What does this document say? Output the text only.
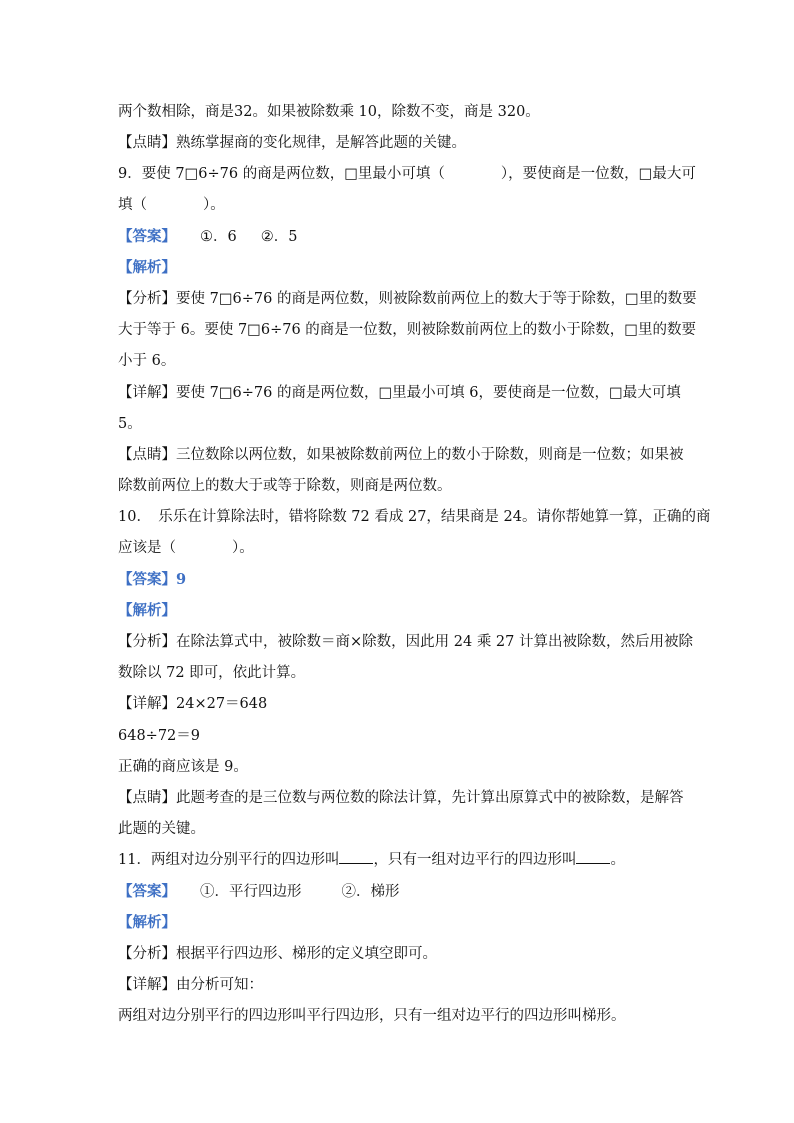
两个数相除，商是32。如果被除数乘 10，除数不变，商是 320。
【点睛】熟练掌握商的变化规律，是解答此题的关键。
9．要使 7□6÷76 的商是两位数，□里最小可填（	），要使商是一位数，□最大可
填（	）。
【答案】 ①．6 ②．5
【解析】
【分析】要使 7□6÷76 的商是两位数，则被除数前两位上的数大于等于除数，□里的数要
大于等于 6。要使 7□6÷76 的商是一位数，则被除数前两位上的数小于除数，□里的数要
小于 6。
【详解】要使 7□6÷76 的商是两位数，□里最小可填 6，要使商是一位数，□最大可填
5。
【点睛】三位数除以两位数，如果被除数前两位上的数小于除数，则商是一位数；如果被
除数前两位上的数大于或等于除数，则商是两位数。
10．　乐乐在计算除法时，错将除数 72 看成 27，结果商是 24。请你帮她算一算，正确的商
应该是（	）。
【答案】9
【解析】
【分析】在除法算式中，被除数＝商×除数，因此用 24 乘 27 计算出被除数，然后用被除
数除以 72 即可，依此计算。
【详解】24×27＝648
648÷72＝9
正确的商应该是 9。
【点睛】此题考查的是三位数与两位数的除法计算，先计算出原算式中的被除数，是解答
此题的关键。
11．两组对边分别平行的四边形叫 ，只有一组对边平行的四边形叫 。
【答案】 ①．平行四边形	②．梯形
【解析】
【分析】根据平行四边形、梯形的定义填空即可。
【详解】由分析可知：
两组对边分别平行的四边形叫平行四边形，只有一组对边平行的四边形叫梯形。
